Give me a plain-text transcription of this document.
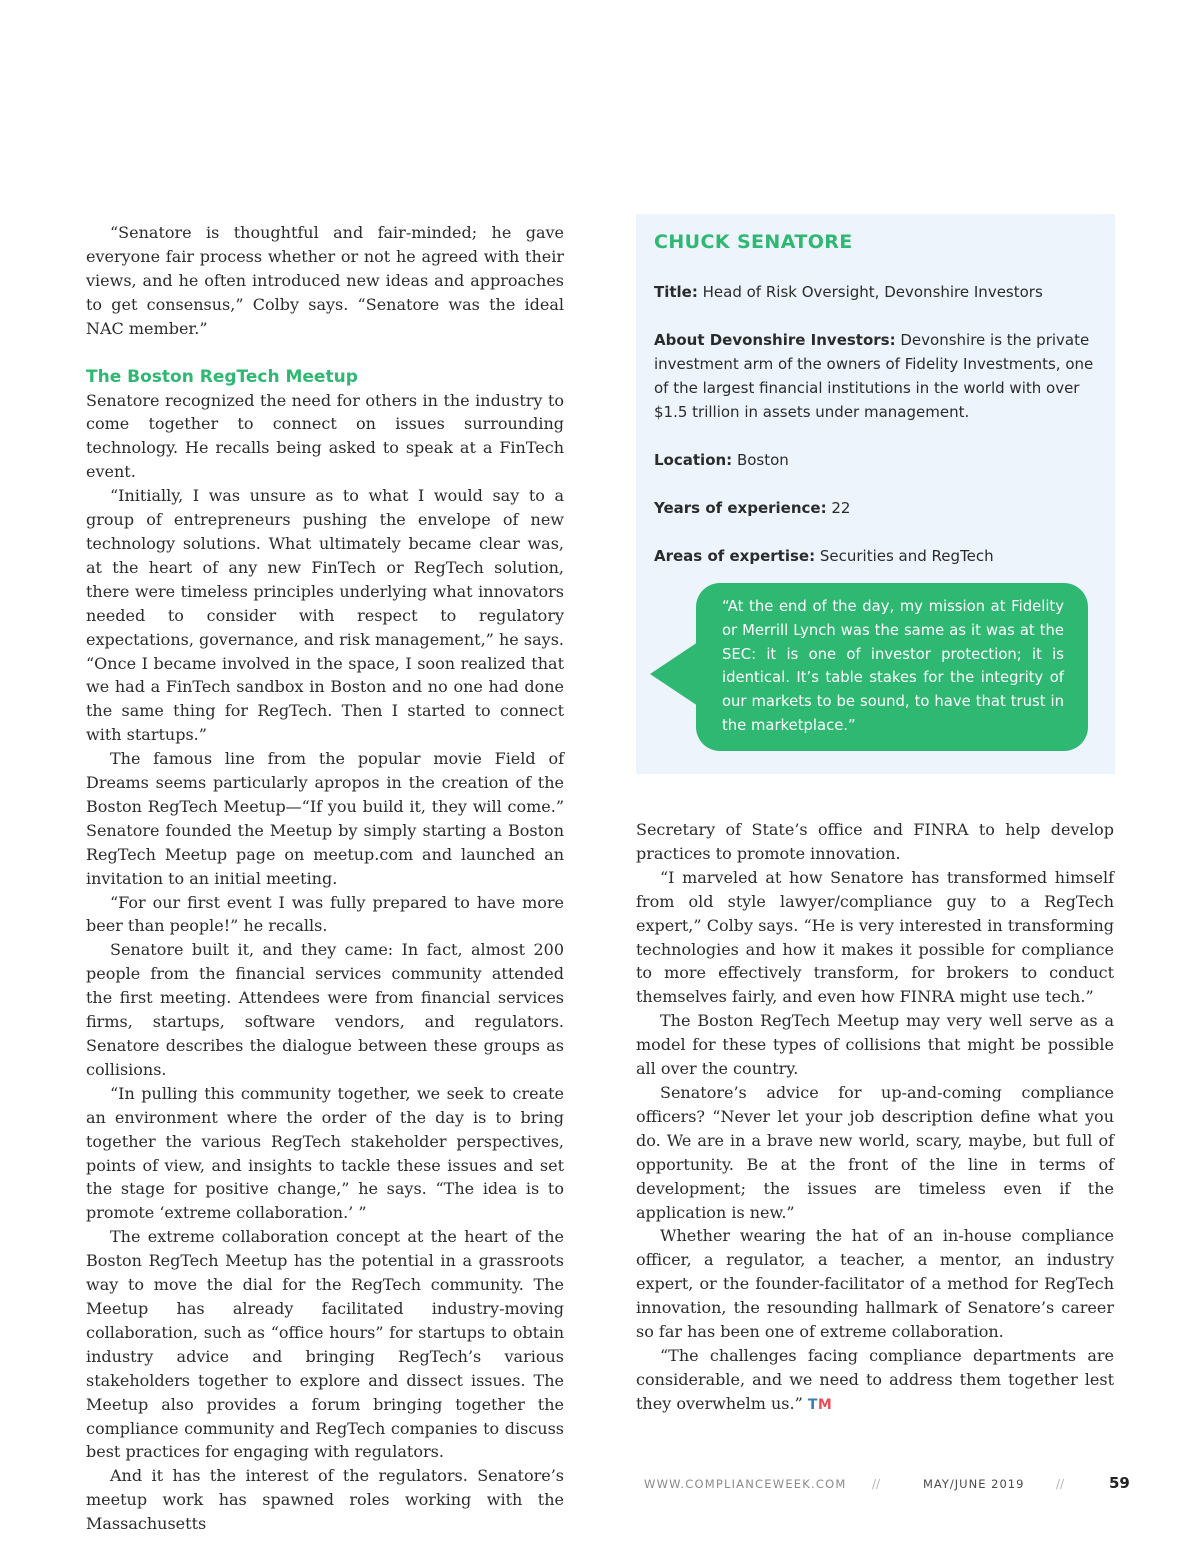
“Senatore is thoughtful and fair-minded; he gave everyone fair process whether or not he agreed with their views, and he often introduced new ideas and approaches to get consensus,” Colby says. “Senatore was the ideal NAC member.”

The Boston RegTech Meetup

Senatore recognized the need for others in the industry to come together to connect on issues surrounding technology. He recalls being asked to speak at a FinTech event.

“Initially, I was unsure as to what I would say to a group of entrepreneurs pushing the envelope of new technology solutions. What ultimately became clear was, at the heart of any new FinTech or RegTech solution, there were timeless principles underlying what innovators needed to consider with respect to regulatory expectations, governance, and risk management,” he says. “Once I became involved in the space, I soon realized that we had a FinTech sandbox in Boston and no one had done the same thing for RegTech. Then I started to connect with startups.”

The famous line from the popular movie Field of Dreams seems particularly apropos in the creation of the Boston RegTech Meetup—“If you build it, they will come.” Senatore founded the Meetup by simply starting a Boston RegTech Meetup page on meetup.com and launched an invitation to an initial meeting.

“For our first event I was fully prepared to have more beer than people!” he recalls.

Senatore built it, and they came: In fact, almost 200 people from the financial services community attended the first meeting. Attendees were from financial services firms, startups, software vendors, and regulators. Senatore describes the dialogue between these groups as collisions.

“In pulling this community together, we seek to create an environment where the order of the day is to bring together the various RegTech stakeholder perspectives, points of view, and insights to tackle these issues and set the stage for positive change,” he says. “The idea is to promote ‘extreme collaboration.’ ”

The extreme collaboration concept at the heart of the Boston RegTech Meetup has the potential in a grassroots way to move the dial for the RegTech community. The Meetup has already facilitated industry-moving collaboration, such as “office hours” for startups to obtain industry advice and bringing RegTech’s various stakeholders together to explore and dissect issues. The Meetup also provides a forum bringing together the compliance community and RegTech companies to discuss best practices for engaging with regulators.

And it has the interest of the regulators. Senatore’s meetup work has spawned roles working with the Massachusetts

CHUCK SENATORE
Title: Head of Risk Oversight, Devonshire Investors
About Devonshire Investors: Devonshire is the private investment arm of the owners of Fidelity Investments, one of the largest financial institutions in the world with over $1.5 trillion in assets under management.
Location: Boston
Years of experience: 22
Areas of expertise: Securities and RegTech
“At the end of the day, my mission at Fidelity or Merrill Lynch was the same as it was at the SEC: it is one of investor protection; it is identical. It’s table stakes for the integrity of our markets to be sound, to have that trust in the marketplace.”

Secretary of State’s office and FINRA to help develop practices to promote innovation.

“I marveled at how Senatore has transformed himself from old style lawyer/compliance guy to a RegTech expert,” Colby says. “He is very interested in transforming technologies and how it makes it possible for compliance to more effectively transform, for brokers to conduct themselves fairly, and even how FINRA might use tech.”

The Boston RegTech Meetup may very well serve as a model for these types of collisions that might be possible all over the country.

Senatore’s advice for up-and-coming compliance officers? “Never let your job description define what you do. We are in a brave new world, scary, maybe, but full of opportunity. Be at the front of the line in terms of development; the issues are timeless even if the application is new.”

Whether wearing the hat of an in-house compliance officer, a regulator, a teacher, a mentor, an industry expert, or the founder-facilitator of a method for RegTech innovation, the resounding hallmark of Senatore’s career so far has been one of extreme collaboration.

“The challenges facing compliance departments are considerable, and we need to address them together lest they overwhelm us.” TM

WWW.COMPLIANCEWEEK.COM //	MAY/JUNE 2019	//	59
